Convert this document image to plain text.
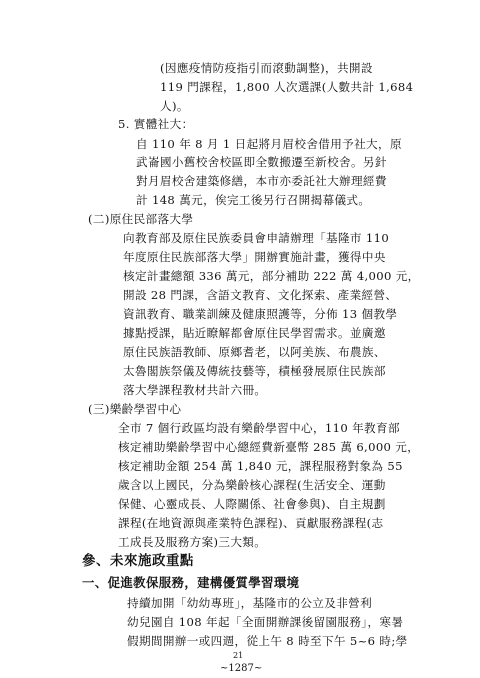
(因應疫情防疫指引而滾動調整)，共開設
119 門課程，1,800 人次選課(人數共計 1,684
人)。
5. 實體社大：
自 110 年 8 月 1 日起將月眉校舍借用予社大，原
武崙國小舊校舍校區即全數搬遷至新校舍。另針
對月眉校舍建築修繕，本市亦委託社大辦理經費
計 148 萬元，俟完工後另行召開揭幕儀式。
(二)原住民部落大學
向教育部及原住民族委員會申請辦理「基隆市 110
年度原住民族部落大學」開辦實施計畫，獲得中央
核定計畫總額 336 萬元，部分補助 222 萬 4,000 元，
開設 28 門課，含語文教育、文化探索、產業經營、
資訊教育、職業訓練及健康照護等，分佈 13 個教學
據點授課，貼近瞭解都會原住民學習需求。並廣邀
原住民族語教師、原鄉耆老，以阿美族、布農族、
太魯閣族祭儀及傳統技藝等，積極發展原住民族部
落大學課程教材共計六冊。
(三)樂齡學習中心
全市 7 個行政區均設有樂齡學習中心，110 年教育部
核定補助樂齡學習中心總經費新臺幣 285 萬 6,000 元，
核定補助金額 254 萬 1,840 元，課程服務對象為 55
歲含以上國民，分為樂齡核心課程(生活安全、運動
保健、心靈成長、人際關係、社會參與)、自主規劃
課程(在地資源與產業特色課程)、貢獻服務課程(志
工成長及服務方案)三大類。
參、未來施政重點
一、促進教保服務，建構優質學習環境
持續加開「幼幼專班」，基隆市的公立及非營利
幼兒園自 108 年起「全面開辦課後留園服務」，寒暑
假期間開辦一或四週，從上午 8 時至下午 5~6 時;學
21
~1287~
